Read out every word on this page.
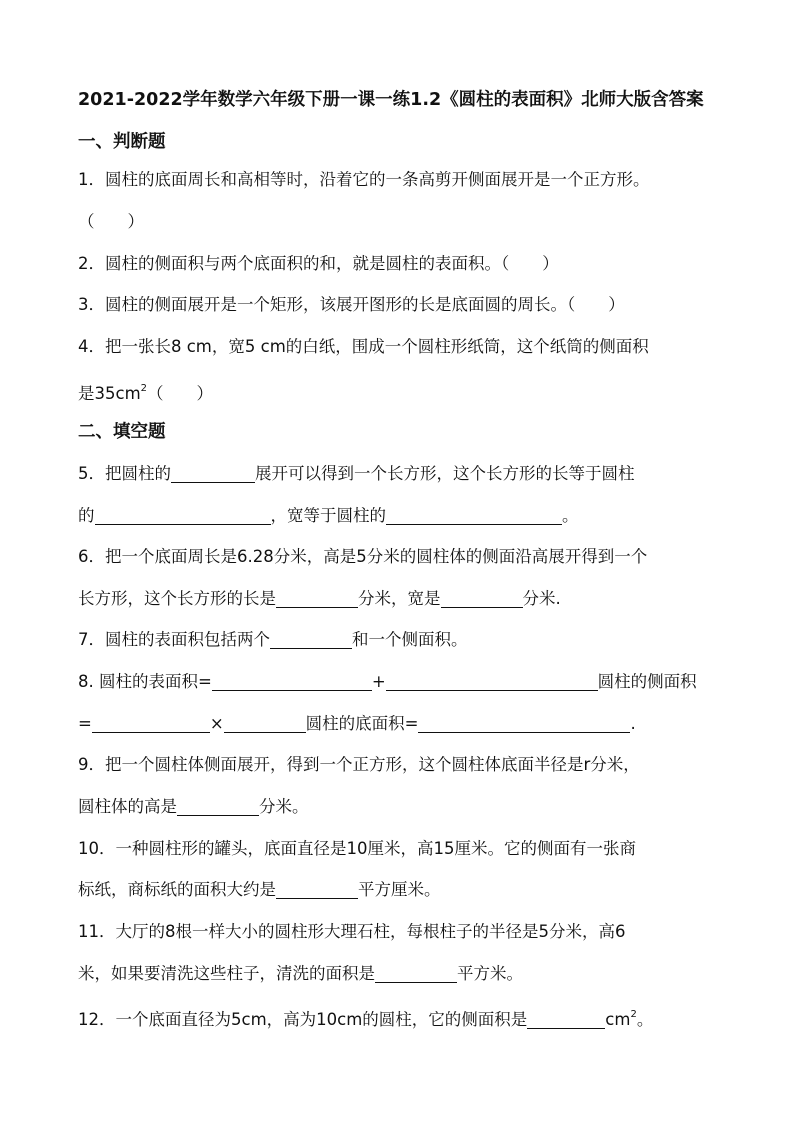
2021-2022学年数学六年级下册一课一练1.2《圆柱的表面积》北师大版含答案
一、判断题
1．圆柱的底面周长和高相等时，沿着它的一条高剪开侧面展开是一个正方形。
（　　）
2．圆柱的侧面积与两个底面积的和，就是圆柱的表面积。（　　）
3．圆柱的侧面展开是一个矩形，该展开图形的长是底面圆的周长。（　　）
4．把一张长8 cm，宽5 cm的白纸，围成一个圆柱形纸筒，这个纸筒的侧面积
是$35cm^2$（　　）
二、填空题
5．把圆柱的	展开可以得到一个长方形，这个长方形的长等于圆柱
的	，宽等于圆柱的	。
6．把一个底面周长是6.28分米，高是5分米的圆柱体的侧面沿高展开得到一个
长方形，这个长方形的长是	分米，宽是	分米.
7．圆柱的表面积包括两个	和一个侧面积。
8. 圆柱的表面积=	+	圆柱的侧面积
=	×	圆柱的底面积=	.
9．把一个圆柱体侧面展开，得到一个正方形，这个圆柱体底面半径是r分米，
圆柱体的高是	分米。
10．一种圆柱形的罐头，底面直径是10厘米，高15厘米。它的侧面有一张商
标纸，商标纸的面积大约是	平方厘米。
11．大厅的8根一样大小的圆柱形大理石柱，每根柱子的半径是5分米，高6
米，如果要清洗这些柱子，清洗的面积是	平方米。
12．一个底面直径为5cm，高为10cm的圆柱，它的侧面积是	$cm^2$。
